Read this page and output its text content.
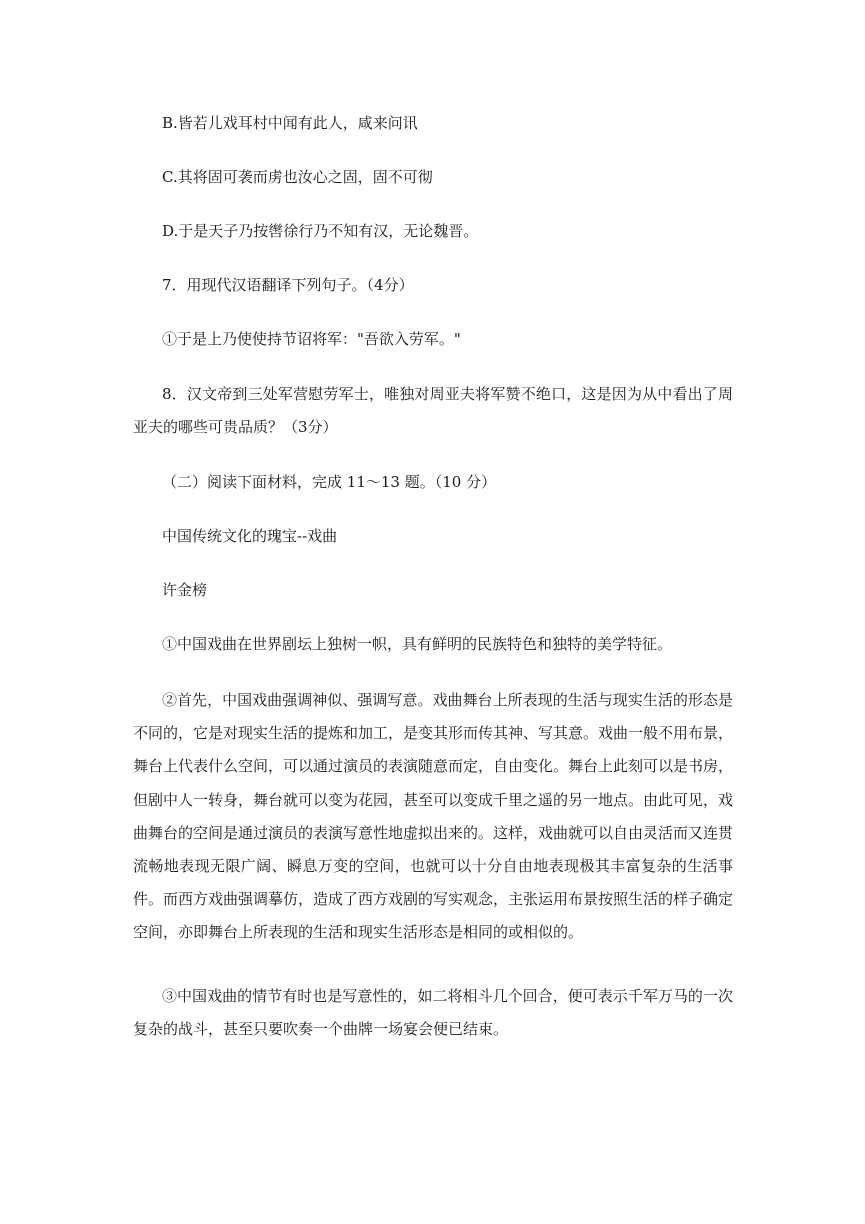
B.皆若儿戏耳村中闻有此人，咸来问讯
C.其将固可袭而虏也汝心之固，固不可彻
D.于是天子乃按辔徐行乃不知有汉，无论魏晋。
7．用现代汉语翻译下列句子。（4分）
①于是上乃使使持节诏将军："吾欲入劳军。"

8．汉文帝到三处军营慰劳军士，唯独对周亚夫将军赞不绝口，这是因为从中看出了周亚夫的哪些可贵品质？（3分）

（二）阅读下面材料，完成 11～13 题。（10 分）
中国传统文化的瑰宝--戏曲
许金榜
①中国戏曲在世界剧坛上独树一帜，具有鲜明的民族特色和独特的美学特征。

②首先，中国戏曲强调神似、强调写意。戏曲舞台上所表现的生活与现实生活的形态是不同的，它是对现实生活的提炼和加工，是变其形而传其神、写其意。戏曲一般不用布景，舞台上代表什么空间，可以通过演员的表演随意而定，自由变化。舞台上此刻可以是书房，但剧中人一转身，舞台就可以变为花园，甚至可以变成千里之遥的另一地点。由此可见，戏曲舞台的空间是通过演员的表演写意性地虚拟出来的。这样，戏曲就可以自由灵活而又连贯流畅地表现无限广阔、瞬息万变的空间，也就可以十分自由地表现极其丰富复杂的生活事件。而西方戏曲强调摹仿，造成了西方戏剧的写实观念，主张运用布景按照生活的样子确定空间，亦即舞台上所表现的生活和现实生活形态是相同的或相似的。

③中国戏曲的情节有时也是写意性的，如二将相斗几个回合，便可表示千军万马的一次复杂的战斗，甚至只要吹奏一个曲牌一场宴会便已结束。
